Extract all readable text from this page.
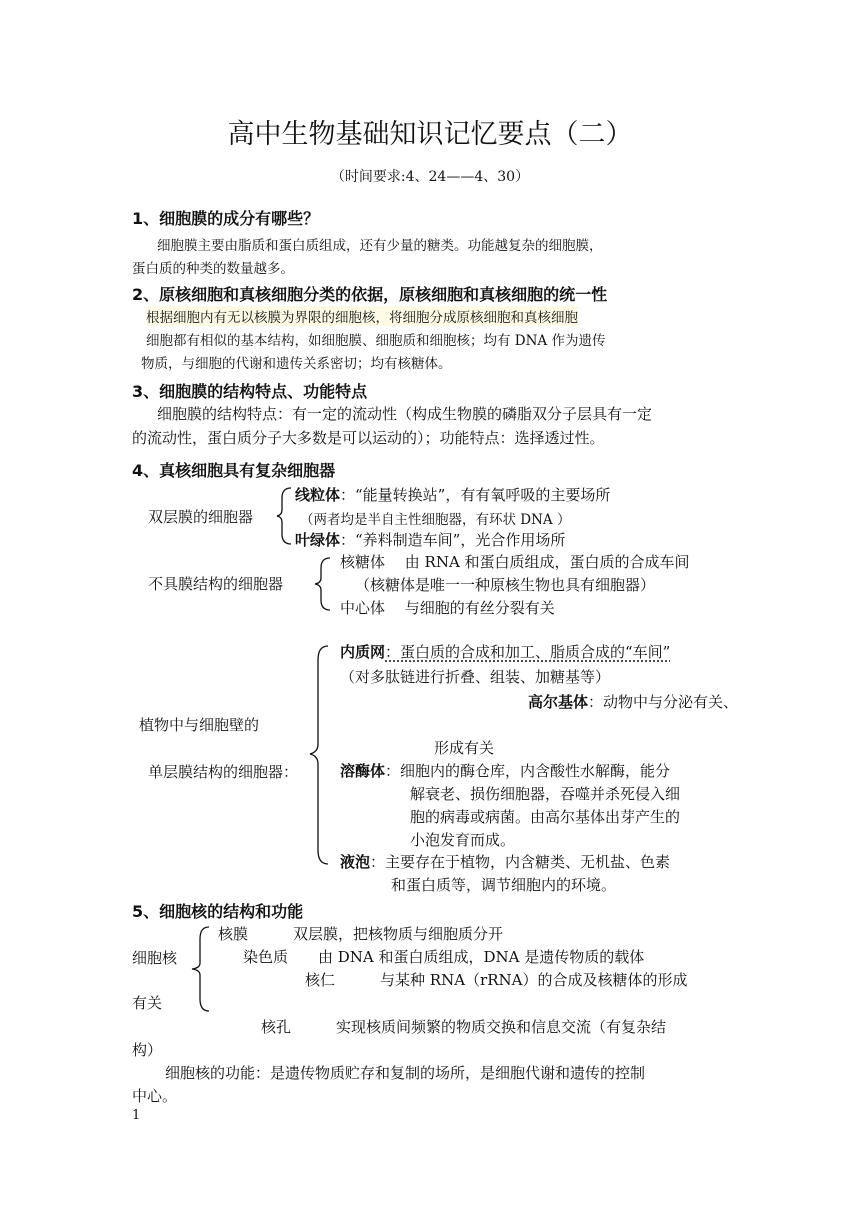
高中生物基础知识记忆要点（二）
（时间要求:4、24——4、30）
1、细胞膜的成分有哪些？
细胞膜主要由脂质和蛋白质组成，还有少量的糖类。功能越复杂的细胞膜，
蛋白质的种类的数量越多。
2、原核细胞和真核细胞分类的依据，原核细胞和真核细胞的统一性
根据细胞内有无以核膜为界限的细胞核，将细胞分成原核细胞和真核细胞
细胞都有相似的基本结构，如细胞膜、细胞质和细胞核；均有 DNA 作为遗传
物质，与细胞的代谢和遗传关系密切；均有核糖体。
3、细胞膜的结构特点、功能特点
细胞膜的结构特点：有一定的流动性（构成生物膜的磷脂双分子层具有一定
的流动性，蛋白质分子大多数是可以运动的）；功能特点：选择透过性。
4、真核细胞具有复杂细胞器
双层膜的细胞器
线粒体：“能量转换站”，有有氧呼吸的主要场所
（两者均是半自主性细胞器，有环状 DNA ）
叶绿体：“养料制造车间”，光合作用场所
不具膜结构的细胞器
核糖体　 由 RNA 和蛋白质组成，蛋白质的合成车间
（核糖体是唯一一种原核生物也具有细胞器）
中心体　 与细胞的有丝分裂有关
植物中与细胞壁的
单层膜结构的细胞器：
内质网：蛋白质的合成和加工、脂质合成的“车间”
（对多肽链进行折叠、组装、加糖基等）
高尔基体：动物中与分泌有关、
形成有关
溶酶体：细胞内的酶仓库，内含酸性水解酶，能分
解衰老、损伤细胞器，吞噬并杀死侵入细
胞的病毒或病菌。由高尔基体出芽产生的
小泡发育而成。
液泡：主要存在于植物，内含糖类、无机盐、色素
和蛋白质等，调节细胞内的环境。
5、细胞核的结构和功能
细胞核
核膜　　　双层膜，把核物质与细胞质分开
染色质　　由 DNA 和蛋白质组成，DNA 是遗传物质的载体
核仁　　　与某种 RNA（rRNA）的合成及核糖体的形成
有关
核孔　　　实现核质间频繁的物质交换和信息交流（有复杂结
构）
细胞核的功能：是遗传物质贮存和复制的场所，是细胞代谢和遗传的控制
中心。
1
